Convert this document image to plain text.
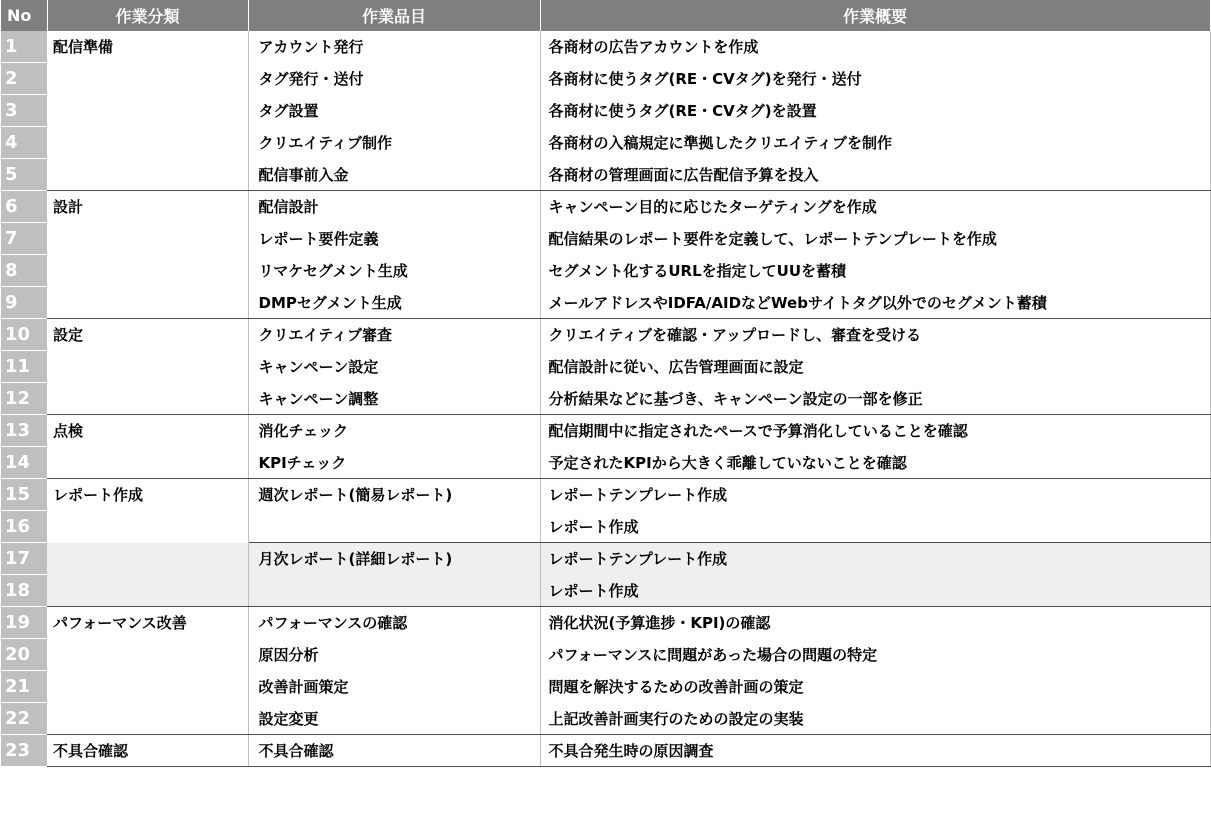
No	作業分類	作業品目	作業概要
1	配信準備	アカウント発行	各商材の広告アカウントを作成
2		タグ発行・送付	各商材に使うタグ(RE・CVタグ)を発行・送付
3		タグ設置	各商材に使うタグ(RE・CVタグ)を設置
4		クリエイティブ制作	各商材の入稿規定に準拠したクリエイティブを制作
5		配信事前入金	各商材の管理画面に広告配信予算を投入
6	設計	配信設計	キャンペーン目的に応じたターゲティングを作成
7		レポート要件定義	配信結果のレポート要件を定義して、レポートテンプレートを作成
8		リマケセグメント生成	セグメント化するURLを指定してUUを蓄積
9		DMPセグメント生成	メールアドレスやIDFA/AIDなどWebサイトタグ以外でのセグメント蓄積
10	設定	クリエイティブ審査	クリエイティブを確認・アップロードし、審査を受ける
11		キャンペーン設定	配信設計に従い、広告管理画面に設定
12		キャンペーン調整	分析結果などに基づき、キャンペーン設定の一部を修正
13	点検	消化チェック	配信期間中に指定されたペースで予算消化していることを確認
14		KPIチェック	予定されたKPIから大きく乖離していないことを確認
15	レポート作成	週次レポート(簡易レポート)	レポートテンプレート作成
16			レポート作成
17		月次レポート(詳細レポート)	レポートテンプレート作成
18			レポート作成
19	パフォーマンス改善	パフォーマンスの確認	消化状況(予算進捗・KPI)の確認
20		原因分析	パフォーマンスに問題があった場合の問題の特定
21		改善計画策定	問題を解決するための改善計画の策定
22		設定変更	上記改善計画実行のための設定の実装
23	不具合確認	不具合確認	不具合発生時の原因調査
